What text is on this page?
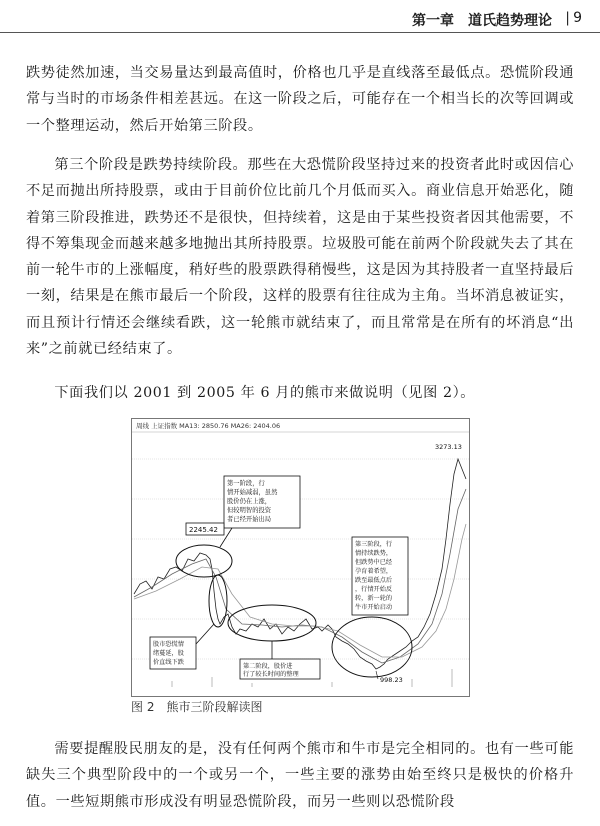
第一章　道氏趋势理论 | 9
跌势徒然加速，当交易量达到最高值时，价格也几乎是直线落至最低点。恐慌阶段通常与当时的市场条件相差甚远。在这一阶段之后，可能存在一个相当长的次等回调或一个整理运动，然后开始第三阶段。
第三个阶段是跌势持续阶段。那些在大恐慌阶段坚持过来的投资者此时或因信心不足而抛出所持股票，或由于目前价位比前几个月低而买入。商业信息开始恶化，随着第三阶段推进，跌势还不是很快，但持续着，这是由于某些投资者因其他需要，不得不筹集现金而越来越多地抛出其所持股票。垃圾股可能在前两个阶段就失去了其在前一轮牛市的上涨幅度，稍好些的股票跌得稍慢些，这是因为其持股者一直坚持最后一刻，结果是在熊市最后一个阶段，这样的股票有往往成为主角。当坏消息被证实，而且预计行情还会继续看跌，这一轮熊市就结束了，而且常常是在所有的坏消息“出来”之前就已经结束了。
下面我们以 2001 到 2005 年 6 月的熊市来做说明（见图 2）。
周线 上证指数 MA13: 2850.76 MA26: 2404.06
第一阶段，行 情开始减弱，虽然 股价仍在上涨， 但较明智的投资 者已经开始出局
2245.42
股市恐慌情 绪蔓延，股 价直线下跌
第二阶段，股价进 行了较长时间的整理
第三阶段，行 情持续跌势， 但跌势中已经 孕育着希望， 跌至最低点后 ，行情开始反 转，新一轮的 牛市开始启动
998.23
3273.13
图 2 熊市三阶段解读图
需要提醒股民朋友的是，没有任何两个熊市和牛市是完全相同的。也有一些可能缺失三个典型阶段中的一个或另一个，一些主要的涨势由始至终只是极快的价格升值。一些短期熊市形成没有明显恐慌阶段，而另一些则以恐慌阶段
